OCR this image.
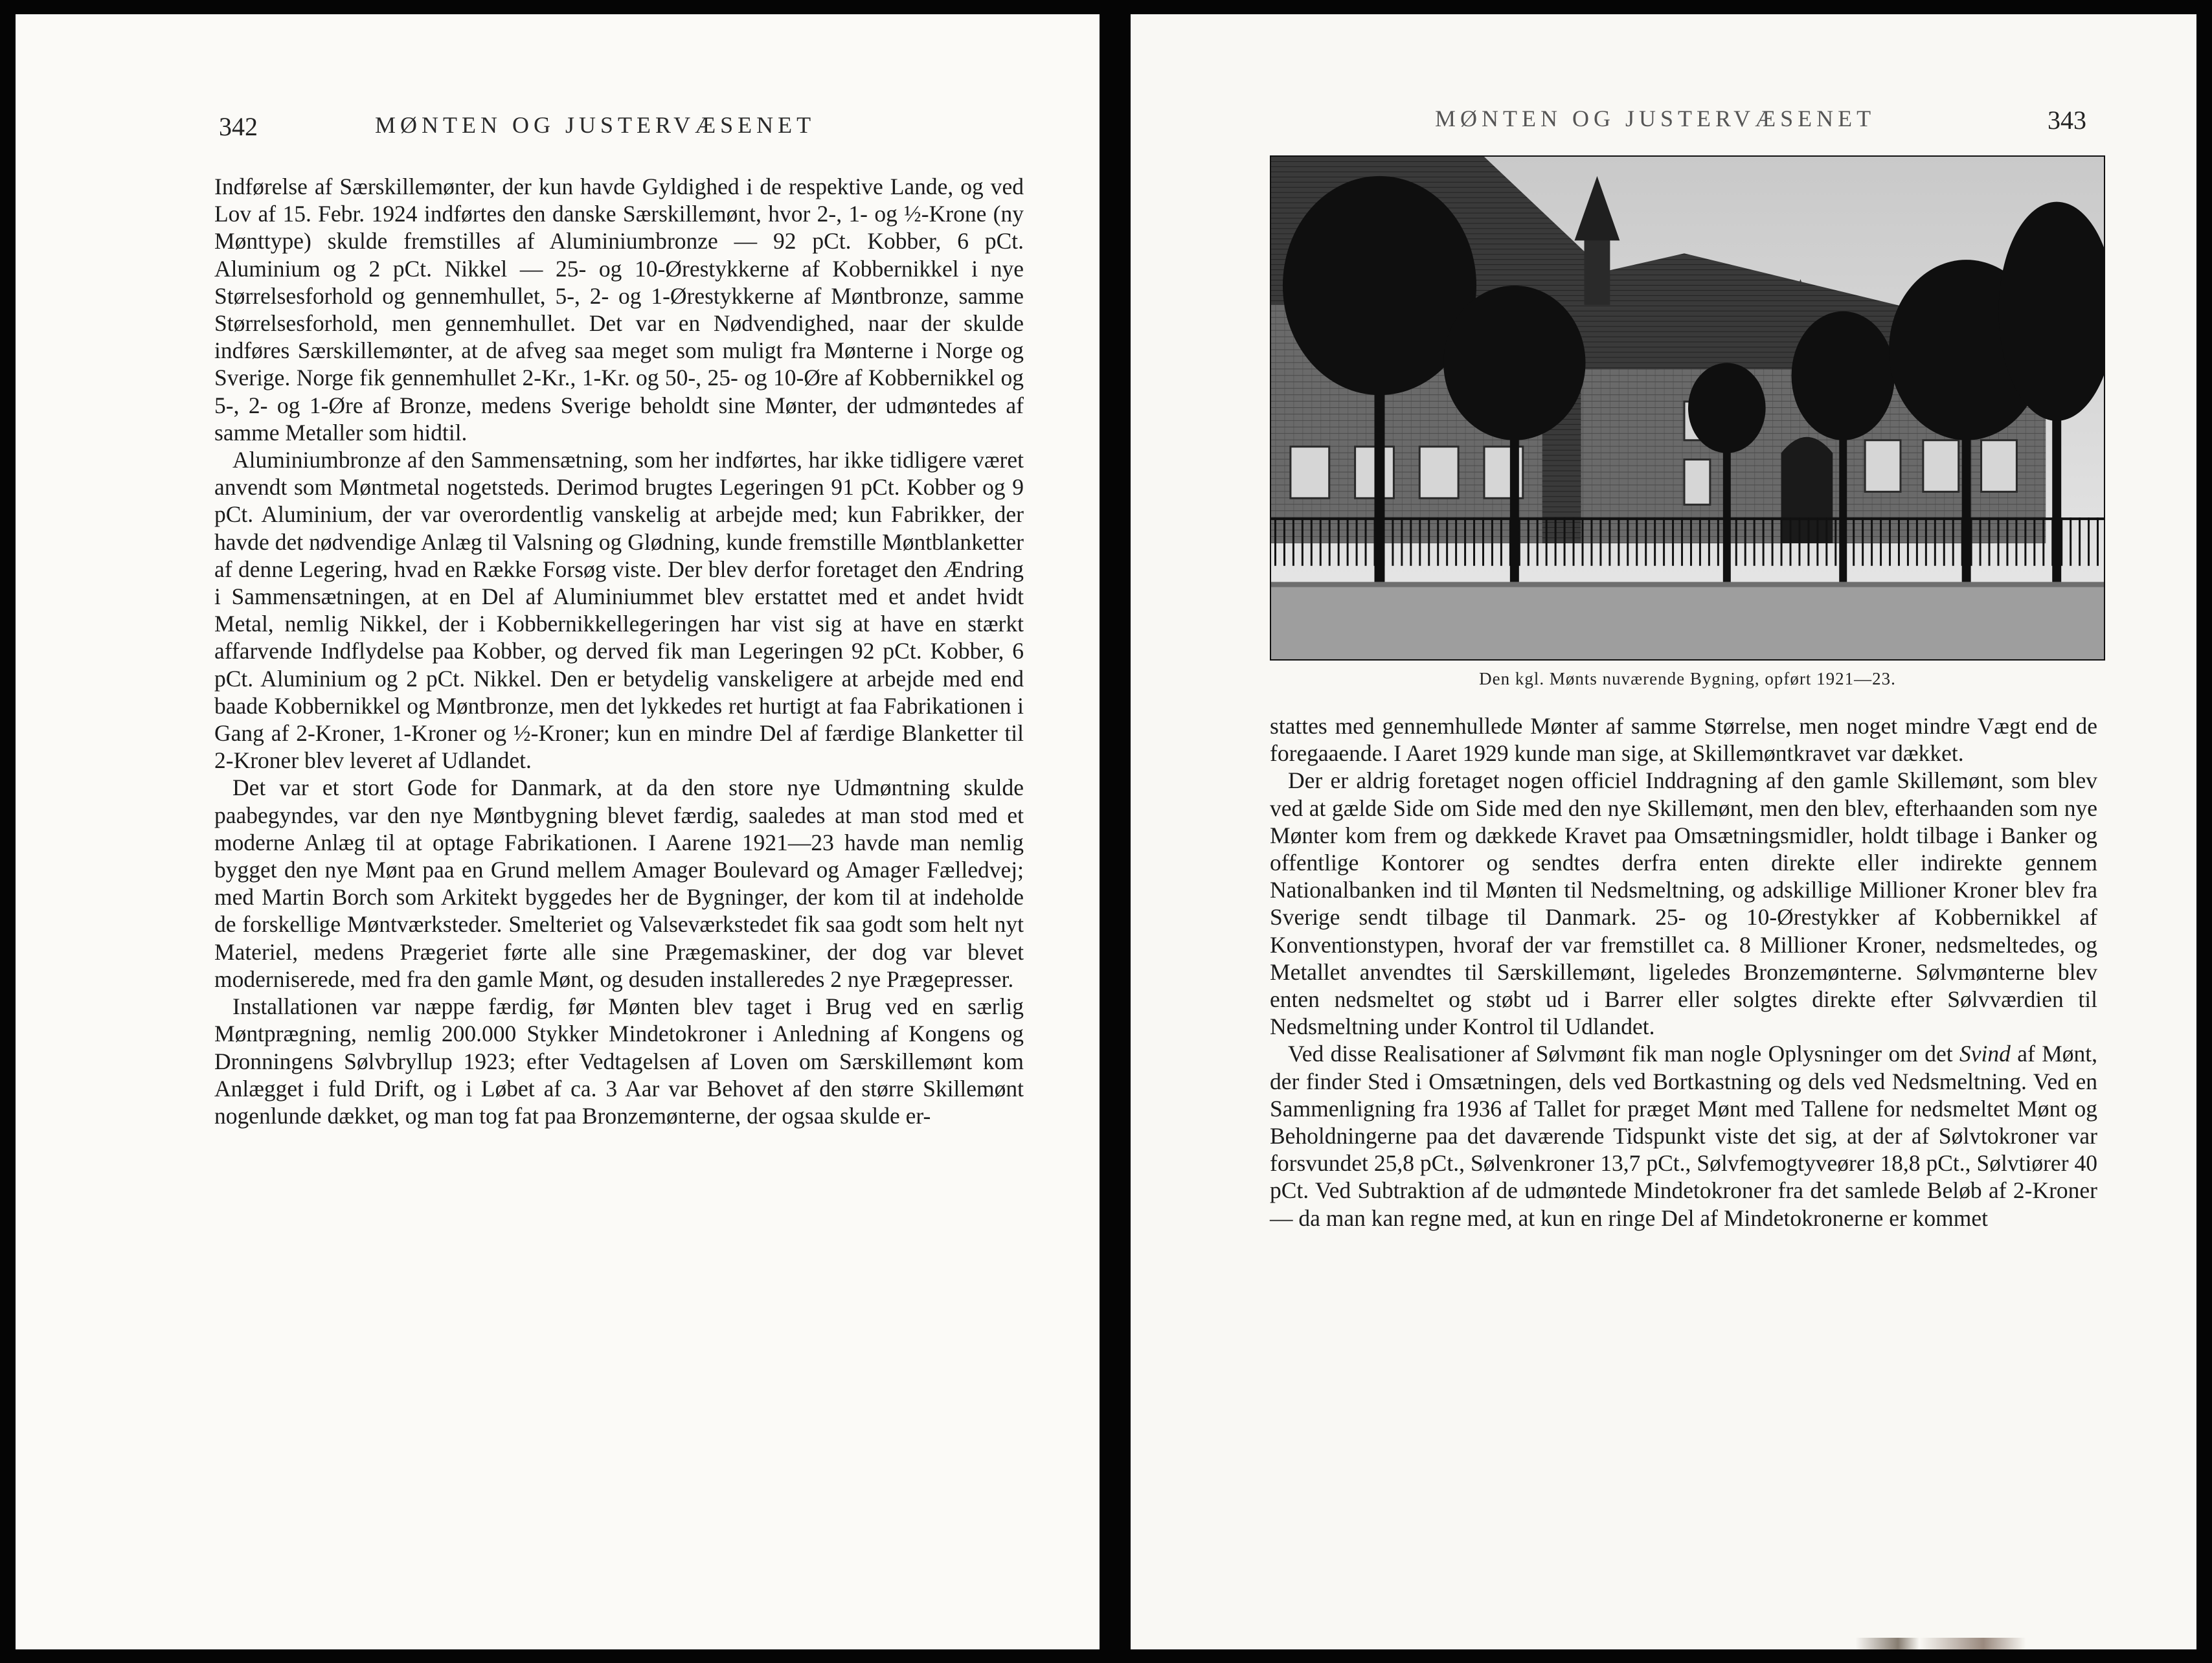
342	MØNTEN OG JUSTERVÆSENET

Indførelse af Særskillemønter, der kun havde Gyldighed i de respektive Lande, og ved Lov af 15. Febr. 1924 indførtes den danske Særskillemønt, hvor 2-, 1- og ½-Krone (ny Mønttype) skulde fremstilles af Aluminiumbronze — 92 pCt. Kobber, 6 pCt. Aluminium og 2 pCt. Nikkel — 25- og 10-Ørestykkerne af Kobbernikkel i nye Størrelsesforhold og gennemhullet, 5-, 2- og 1-Ørestykkerne af Møntbronze, samme Størrelsesforhold, men gennemhullet. Det var en Nødvendighed, naar der skulde indføres Særskillemønter, at de afveg saa meget som muligt fra Mønterne i Norge og Sverige. Norge fik gennemhullet 2-Kr., 1-Kr. og 50-, 25- og 10-Øre af Kobbernikkel og 5-, 2- og 1-Øre af Bronze, medens Sverige beholdt sine Mønter, der udmøntedes af samme Metaller som hidtil.

Aluminiumbronze af den Sammensætning, som her indførtes, har ikke tidligere været anvendt som Møntmetal nogetsteds. Derimod brugtes Legeringen 91 pCt. Kobber og 9 pCt. Aluminium, der var overordentlig vanskelig at arbejde med; kun Fabrikker, der havde det nødvendige Anlæg til Valsning og Glødning, kunde fremstille Møntblanketter af denne Legering, hvad en Række Forsøg viste. Der blev derfor foretaget den Ændring i Sammensætningen, at en Del af Aluminiummet blev erstattet med et andet hvidt Metal, nemlig Nikkel, der i Kobbernikkellegeringen har vist sig at have en stærkt affarvende Indflydelse paa Kobber, og derved fik man Legeringen 92 pCt. Kobber, 6 pCt. Aluminium og 2 pCt. Nikkel. Den er betydelig vanskeligere at arbejde med end baade Kobbernikkel og Møntbronze, men det lykkedes ret hurtigt at faa Fabrikationen i Gang af 2-Kroner, 1-Kroner og ½-Kroner; kun en mindre Del af færdige Blanketter til 2-Kroner blev leveret af Udlandet.

Det var et stort Gode for Danmark, at da den store nye Udmøntning skulde paabegyndes, var den nye Møntbygning blevet færdig, saaledes at man stod med et moderne Anlæg til at optage Fabrikationen. I Aarene 1921—23 havde man nemlig bygget den nye Mønt paa en Grund mellem Amager Boulevard og Amager Fælledvej; med Martin Borch som Arkitekt byggedes her de Bygninger, der kom til at indeholde de forskellige Møntværksteder. Smelteriet og Valseværkstedet fik saa godt som helt nyt Materiel, medens Prægeriet førte alle sine Prægemaskiner, der dog var blevet moderniserede, med fra den gamle Mønt, og desuden installeredes 2 nye Prægepresser.

Installationen var næppe færdig, før Mønten blev taget i Brug ved en særlig Møntprægning, nemlig 200.000 Stykker Mindetokroner i Anledning af Kongens og Dronningens Sølvbryllup 1923; efter Vedtagelsen af Loven om Særskillemønt kom Anlægget i fuld Drift, og i Løbet af ca. 3 Aar var Behovet af den større Skillemønt nogenlunde dækket, og man tog fat paa Bronzemønterne, der ogsaa skulde er-

MØNTEN OG JUSTERVÆSENET	343
Den kgl. Mønts nuværende Bygning, opført 1921—23.

stattes med gennemhullede Mønter af samme Størrelse, men noget mindre Vægt end de foregaaende. I Aaret 1929 kunde man sige, at Skillemøntkravet var dækket.

Der er aldrig foretaget nogen officiel Inddragning af den gamle Skillemønt, som blev ved at gælde Side om Side med den nye Skillemønt, men den blev, efterhaanden som nye Mønter kom frem og dækkede Kravet paa Omsætningsmidler, holdt tilbage i Banker og offentlige Kontorer og sendtes derfra enten direkte eller indirekte gennem Nationalbanken ind til Mønten til Nedsmeltning, og adskillige Millioner Kroner blev fra Sverige sendt tilbage til Danmark. 25- og 10-Ørestykker af Kobbernikkel af Konventionstypen, hvoraf der var fremstillet ca. 8 Millioner Kroner, nedsmeltedes, og Metallet anvendtes til Særskillemønt, ligeledes Bronzemønterne. Sølvmønterne blev enten nedsmeltet og støbt ud i Barrer eller solgtes direkte efter Sølvværdien til Nedsmeltning under Kontrol til Udlandet.

Ved disse Realisationer af Sølvmønt fik man nogle Oplysninger om det Svind af Mønt, der finder Sted i Omsætningen, dels ved Bortkastning og dels ved Nedsmeltning. Ved en Sammenligning fra 1936 af Tallet for præget Mønt med Tallene for nedsmeltet Mønt og Beholdningerne paa det daværende Tidspunkt viste det sig, at der af Sølvtokroner var forsvundet 25,8 pCt., Sølvenkroner 13,7 pCt., Sølvfemogtyveører 18,8 pCt., Sølvtiører 40 pCt. Ved Subtraktion af de udmøntede Mindetokroner fra det samlede Beløb af 2-Kroner — da man kan regne med, at kun en ringe Del af Mindetokronerne er kommet
